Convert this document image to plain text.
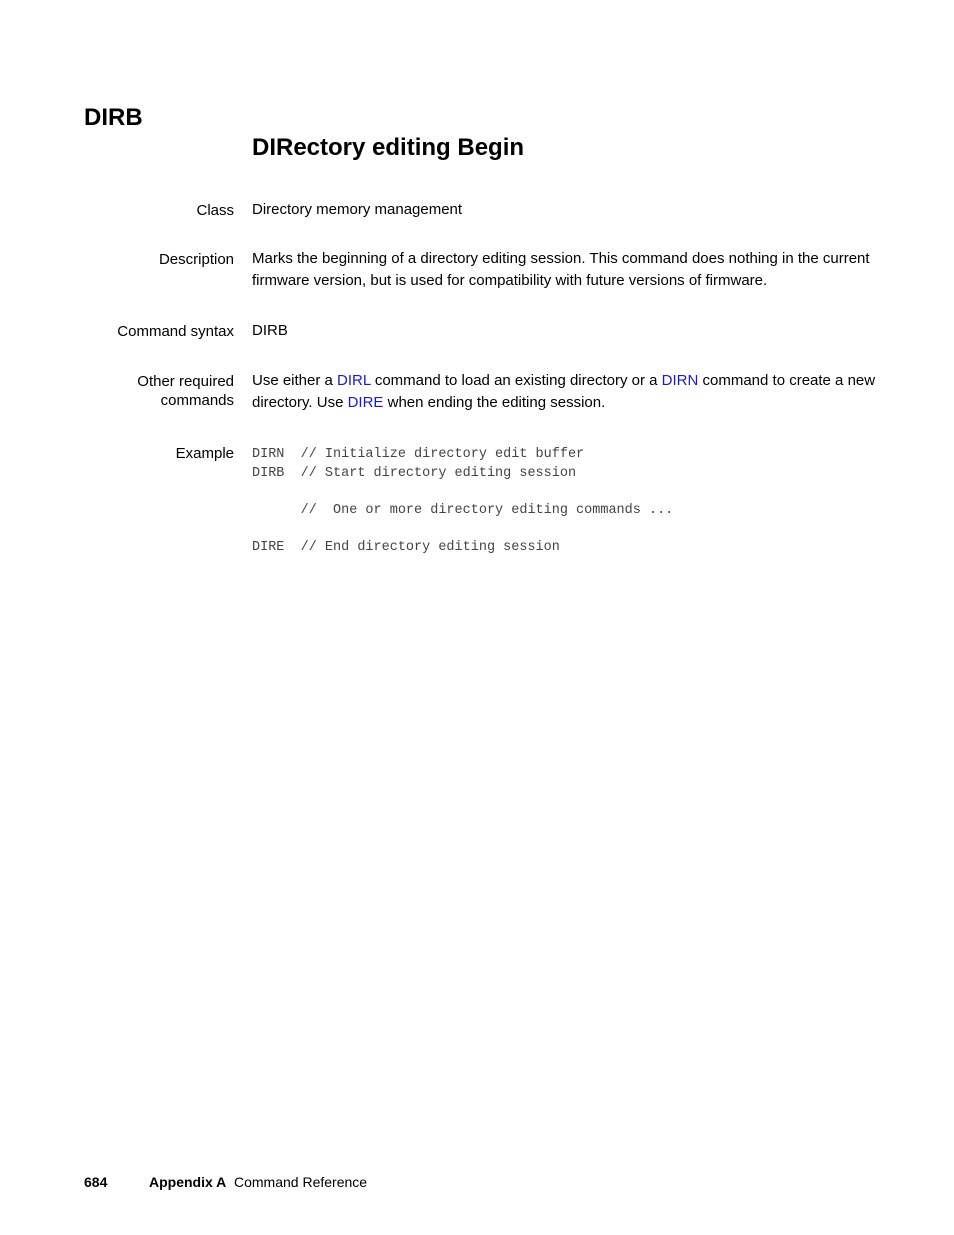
DIRB
DIRectory editing Begin
Class Directory memory management
Description Marks the beginning of a directory editing session. This command does nothing in the current firmware version, but is used for compatibility with future versions of firmware.
Command syntax DIRB
Other required
commands
Use either a DIRL command to load an existing directory or a DIRN command to create a new directory. Use DIRE when ending the editing session.
Example DIRN  // Initialize directory edit buffer
DIRB  // Start directory editing session
//  One or more directory editing commands ...
DIRE  // End directory editing session
684	Appendix A Command Reference
